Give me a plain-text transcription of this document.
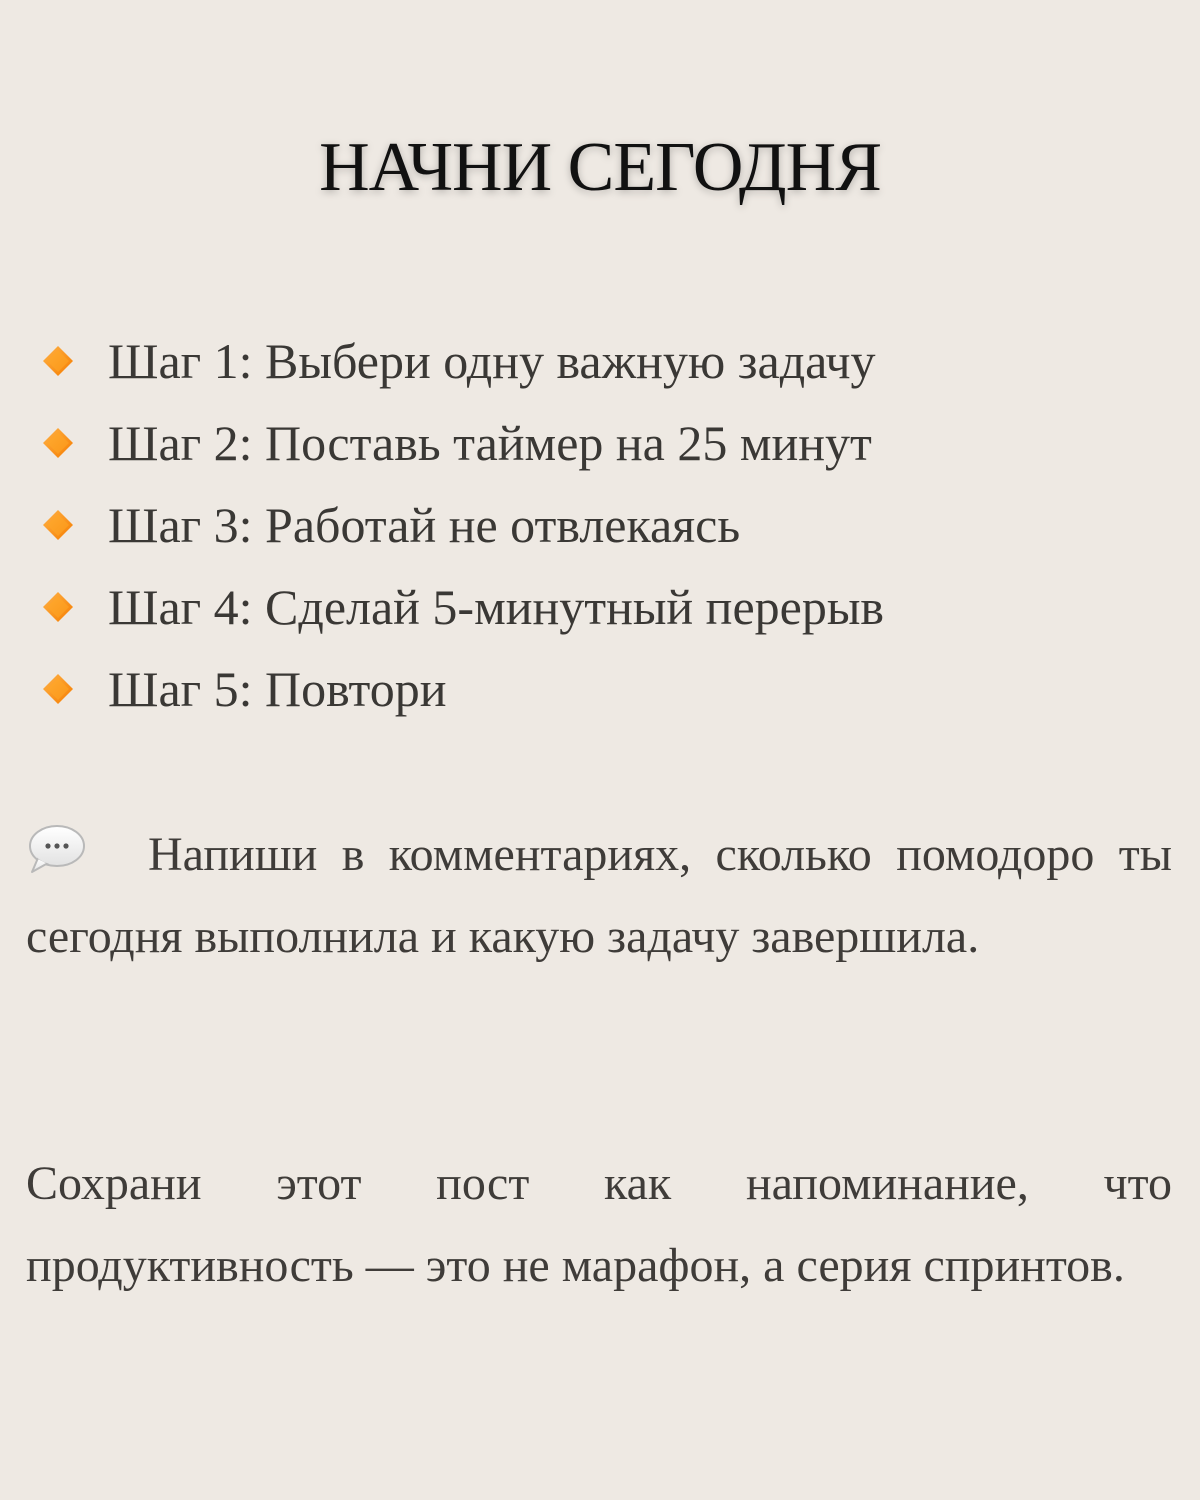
НАЧНИ СЕГОДНЯ
Шаг 1: Выбери одну важную задачу
Шаг 2: Поставь таймер на 25 минут
Шаг 3: Работай не отвлекаясь
Шаг 4: Сделай 5-минутный перерыв
Шаг 5: Повтори

Напиши в комментариях, сколько помодоро ты сегодня выполнила и какую задачу завершила.

Сохрани этот пост как напоминание, что продуктивность — это не марафон, а серия спринтов.
